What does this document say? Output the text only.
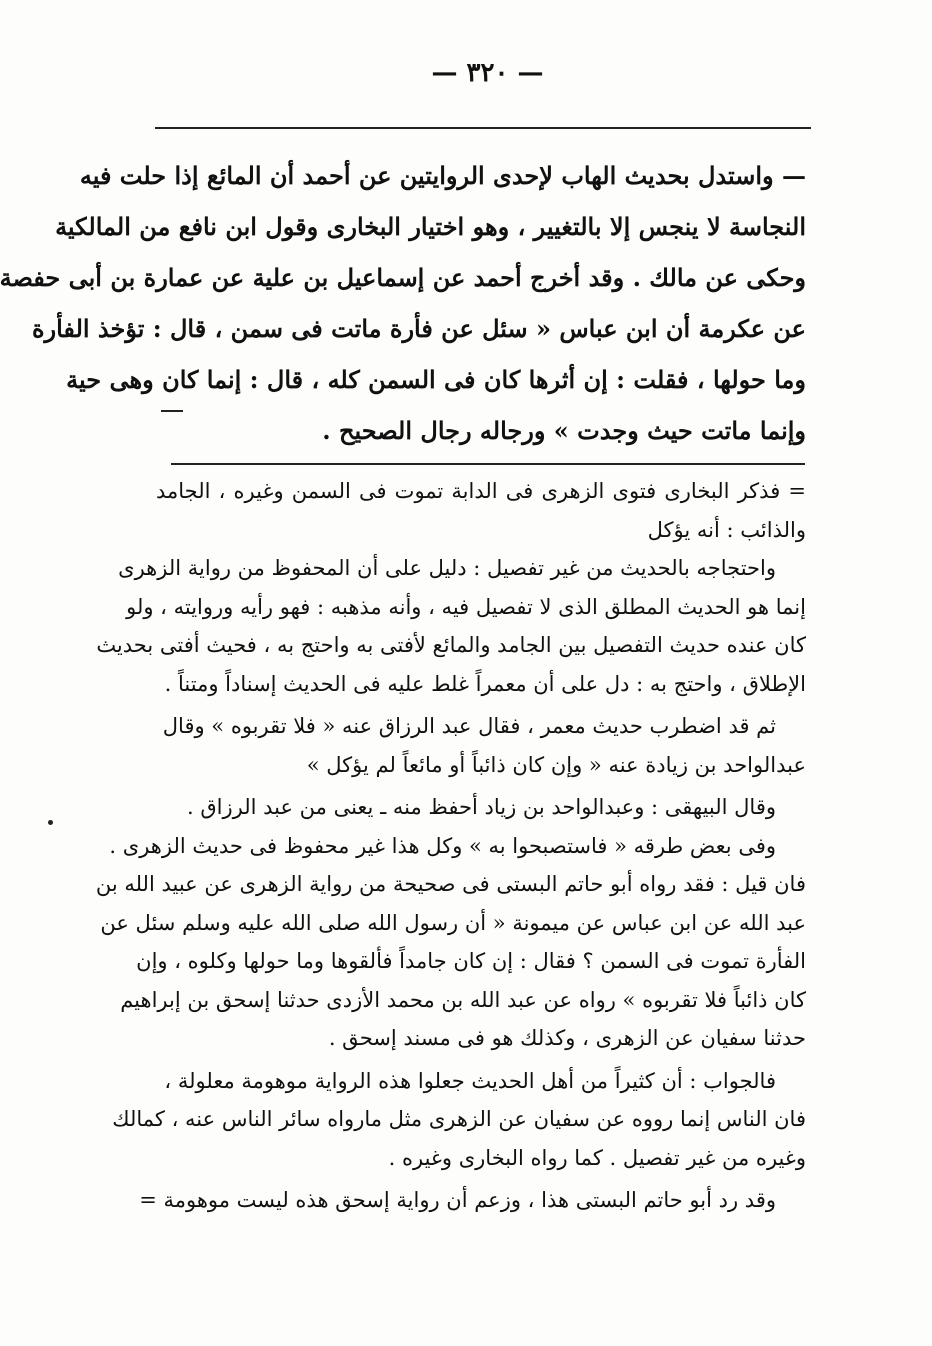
— ٣٢٠ —

— واستدل بحديث الهاب لإحدى الروايتين عن أحمد أن المائع إذا حلت فيه

النجاسة لا ينجس إلا بالتغيير ، وهو اختيار البخارى وقول ابن نافع من المالكية

وحكى عن مالك . وقد أخرج أحمد عن إسماعيل بن علية عن عمارة بن أبى حفصة

عن عكرمة أن ابن عباس « سئل عن فأرة ماتت فى سمن ، قال : تؤخذ الفأرة

وما حولها ، فقلت : إن أثرها كان فى السمن كله ، قال : إنما كان وهى حية

وإنما ماتت حيث وجدت » ورجاله رجال الصحيح .

= فذكر البخارى فتوى الزهرى فى الدابة تموت فى السمن وغيره ، الجامد

والذائب : أنه يؤكل

واحتجاجه بالحديث من غير تفصيل : دليل على أن المحفوظ من رواية الزهرى

إنما هو الحديث المطلق الذى لا تفصيل فيه ، وأنه مذهبه : فهو رأيه وروايته ، ولو

كان عنده حديث التفصيل بين الجامد والمائع لأفتى به واحتج به ، فحيث أفتى بحديث

الإطلاق ، واحتج به : دل على أن معمراً غلط عليه فى الحديث إسناداً ومتناً .

ثم قد اضطرب حديث معمر ، فقال عبد الرزاق عنه « فلا تقربوه » وقال

عبدالواحد بن زيادة عنه « وإن كان ذائباً أو مائعاً لم يؤكل »

وقال البيهقى : وعبدالواحد بن زياد أحفظ منه ـ يعنى من عبد الرزاق .

وفى بعض طرقه « فاستصبحوا به » وكل هذا غير محفوظ فى حديث الزهرى .

فان قيل : فقد رواه أبو حاتم البستى فى صحيحة من رواية الزهرى عن عبيد الله بن

عبد الله عن ابن عباس عن ميمونة « أن رسول الله صلى الله عليه وسلم سئل عن

الفأرة تموت فى السمن ؟ فقال : إن كان جامداً فألقوها وما حولها وكلوه ، وإن

كان ذائباً فلا تقربوه » رواه عن عبد الله بن محمد الأزدى حدثنا إسحق بن إبراهيم

حدثنا سفيان عن الزهرى ، وكذلك هو فى مسند إسحق .

فالجواب : أن كثيراً من أهل الحديث جعلوا هذه الرواية موهومة معلولة ،

فان الناس إنما رووه عن سفيان عن الزهرى مثل مارواه سائر الناس عنه ، كمالك

وغيره من غير تفصيل . كما رواه البخارى وغيره .

وقد رد أبو حاتم البستى هذا ، وزعم أن رواية إسحق هذه ليست موهومة =
